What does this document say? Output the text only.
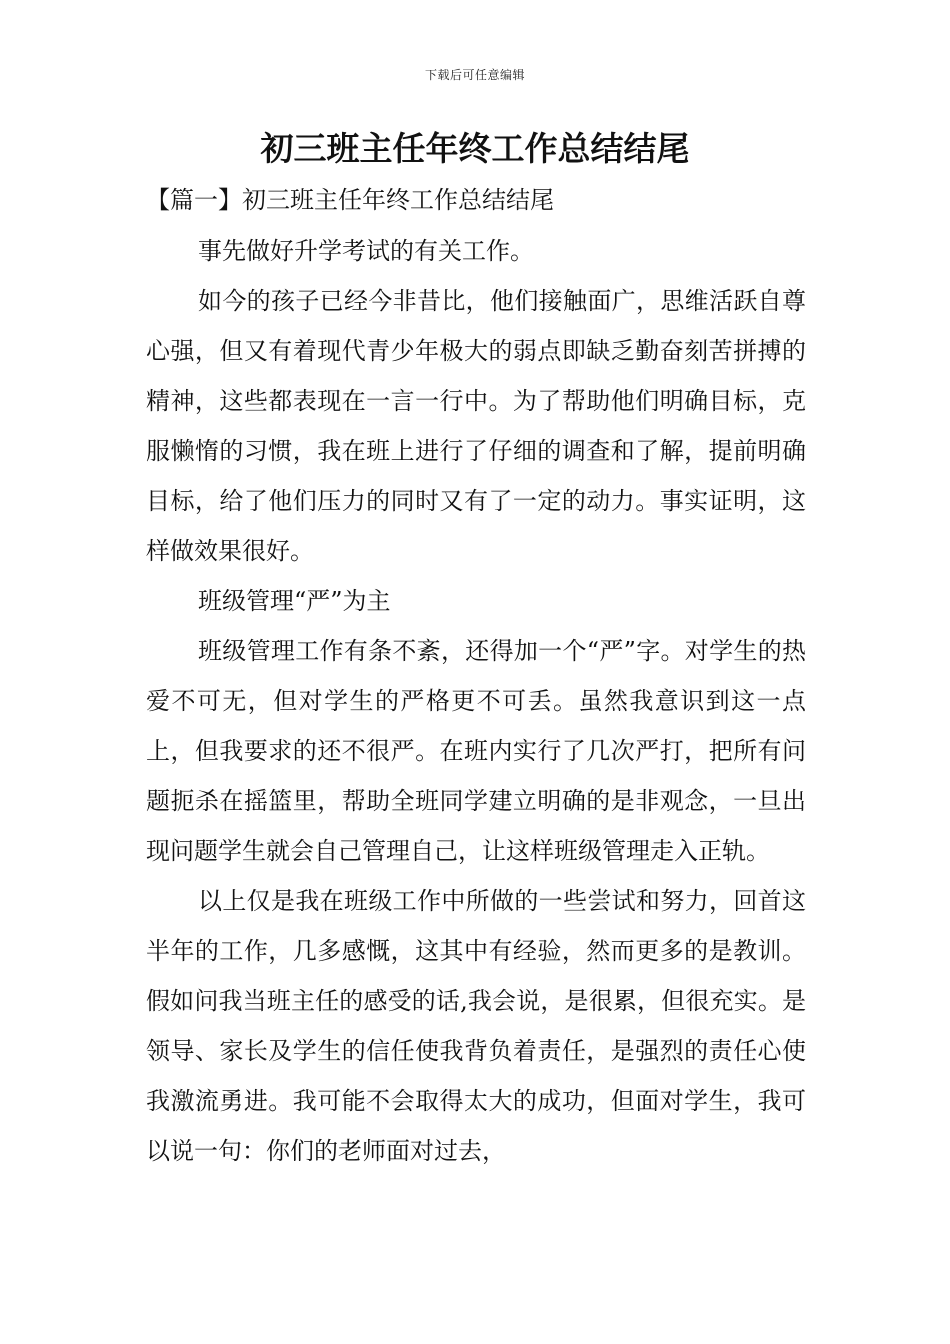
下载后可任意编辑
初三班主任年终工作总结结尾
【篇一】初三班主任年终工作总结结尾

事先做好升学考试的有关工作。

如今的孩子已经今非昔比，他们接触面广，思维活跃自尊心强，但又有着现代青少年极大的弱点即缺乏勤奋刻苦拼搏的精神，这些都表现在一言一行中。为了帮助他们明确目标，克服懒惰的习惯，我在班上进行了仔细的调查和了解，提前明确目标，给了他们压力的同时又有了一定的动力。事实证明，这样做效果很好。

班级管理“严”为主

班级管理工作有条不紊，还得加一个“严”字。对学生的热爱不可无，但对学生的严格更不可丢。虽然我意识到这一点上，但我要求的还不很严。在班内实行了几次严打，把所有问题扼杀在摇篮里，帮助全班同学建立明确的是非观念，一旦出现问题学生就会自己管理自己，让这样班级管理走入正轨。

以上仅是我在班级工作中所做的一些尝试和努力，回首这半年的工作，几多感慨，这其中有经验，然而更多的是教训。假如问我当班主任的感受的话,我会说，是很累，但很充实。是领导、家长及学生的信任使我背负着责任，是强烈的责任心使我激流勇进。我可能不会取得太大的成功，但面对学生，我可以说一句：你们的老师面对过去，
